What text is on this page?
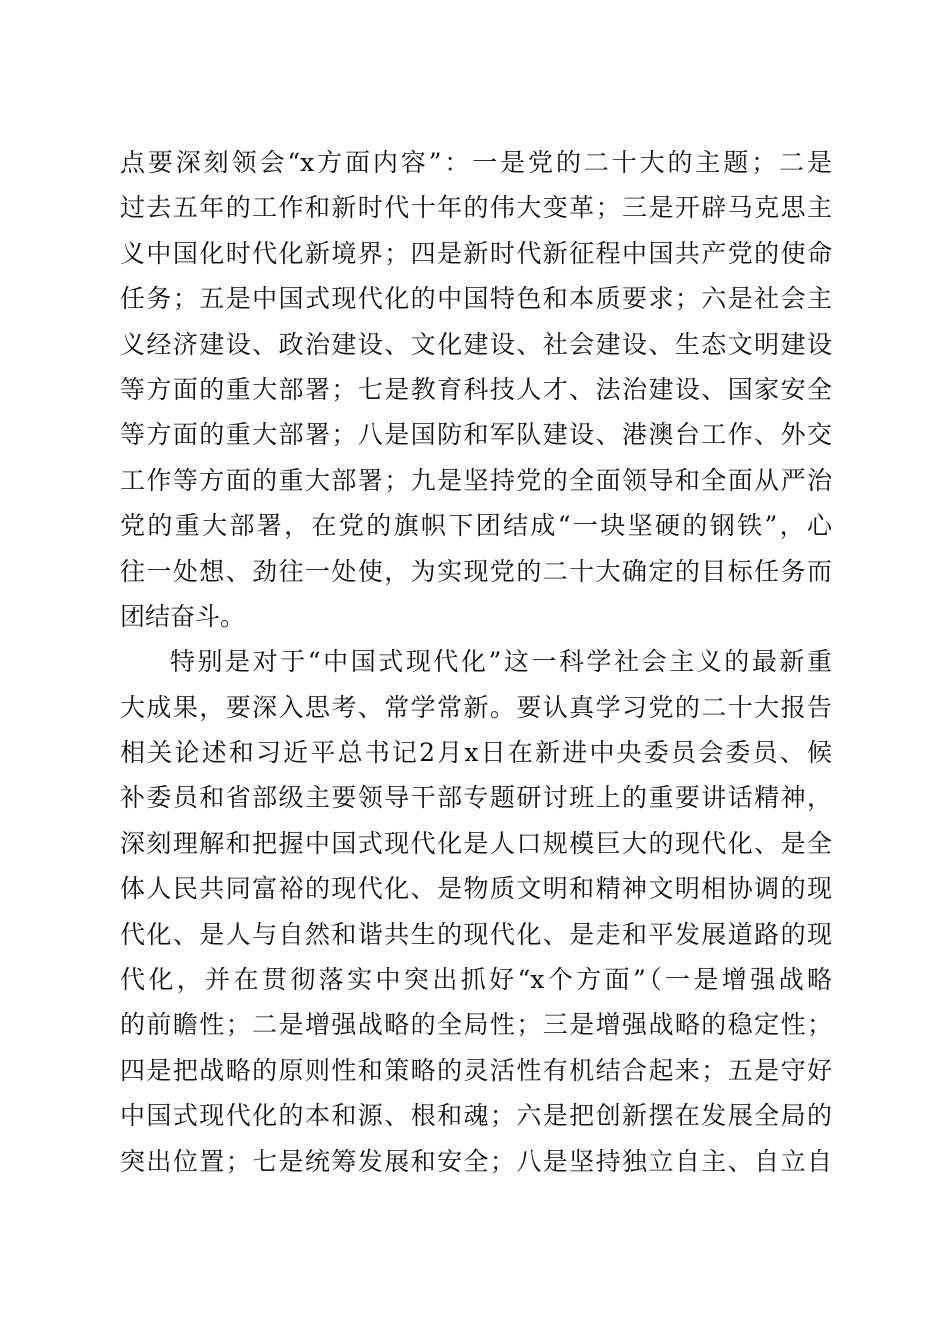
点要深刻领会“x方面内容”：一是党的二十大的主题；二是
过去五年的工作和新时代十年的伟大变革；三是开辟马克思主
义中国化时代化新境界；四是新时代新征程中国共产党的使命
任务；五是中国式现代化的中国特色和本质要求；六是社会主
义经济建设、政治建设、文化建设、社会建设、生态文明建设
等方面的重大部署；七是教育科技人才、法治建设、国家安全
等方面的重大部署；八是国防和军队建设、港澳台工作、外交
工作等方面的重大部署；九是坚持党的全面领导和全面从严治
党的重大部署，在党的旗帜下团结成“一块坚硬的钢铁”，心
往一处想、劲往一处使，为实现党的二十大确定的目标任务而
团结奋斗。
特别是对于“中国式现代化”这一科学社会主义的最新重
大成果，要深入思考、常学常新。要认真学习党的二十大报告
相关论述和习近平总书记2月x日在新进中央委员会委员、候
补委员和省部级主要领导干部专题研讨班上的重要讲话精神，
深刻理解和把握中国式现代化是人口规模巨大的现代化、是全
体人民共同富裕的现代化、是物质文明和精神文明相协调的现
代化、是人与自然和谐共生的现代化、是走和平发展道路的现
代化，并在贯彻落实中突出抓好“x个方面”（一是增强战略
的前瞻性；二是增强战略的全局性；三是增强战略的稳定性；
四是把战略的原则性和策略的灵活性有机结合起来；五是守好
中国式现代化的本和源、根和魂；六是把创新摆在发展全局的
突出位置；七是统筹发展和安全；八是坚持独立自主、自立自
